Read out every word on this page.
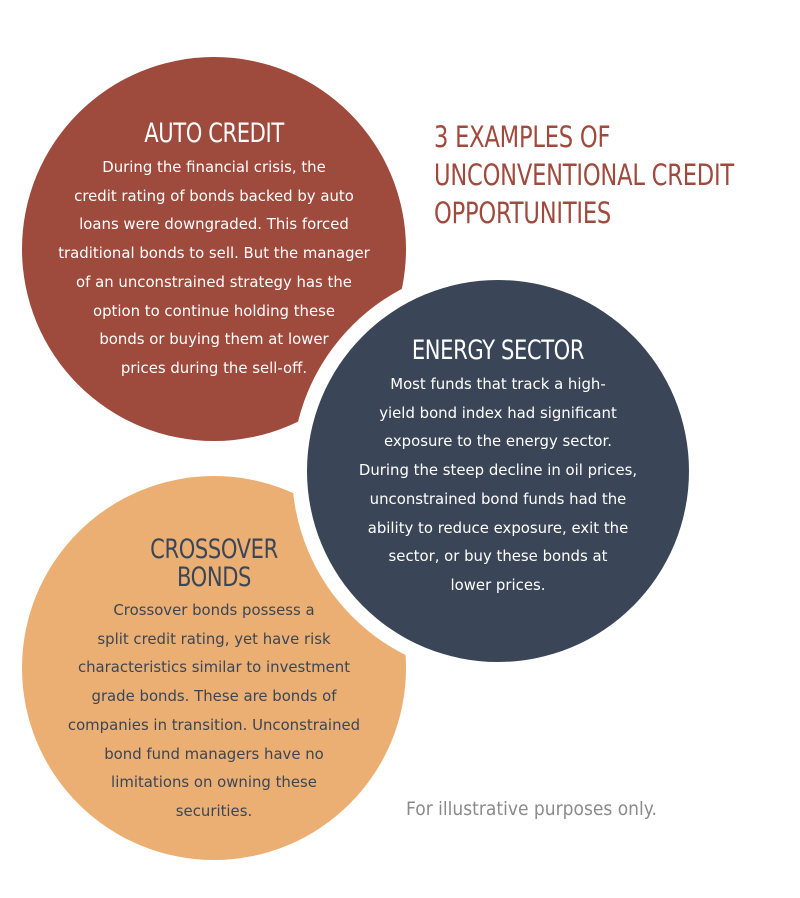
AUTO CREDIT
During the financial crisis, the
credit rating of bonds backed by auto
loans were downgraded. This forced
traditional bonds to sell. But the manager
of an unconstrained strategy has the
option to continue holding these
bonds or buying them at lower
prices during the sell-off.
ENERGY SECTOR
Most funds that track a high-
yield bond index had significant
exposure to the energy sector.
During the steep decline in oil prices,
unconstrained bond funds had the
ability to reduce exposure, exit the
sector, or buy these bonds at
lower prices.
CROSSOVER
BONDS
Crossover bonds possess a
split credit rating, yet have risk
characteristics similar to investment
grade bonds. These are bonds of
companies in transition. Unconstrained
bond fund managers have no
limitations on owning these
securities.
3 EXAMPLES OF
UNCONVENTIONAL CREDIT
OPPORTUNITIES
For illustrative purposes only.
